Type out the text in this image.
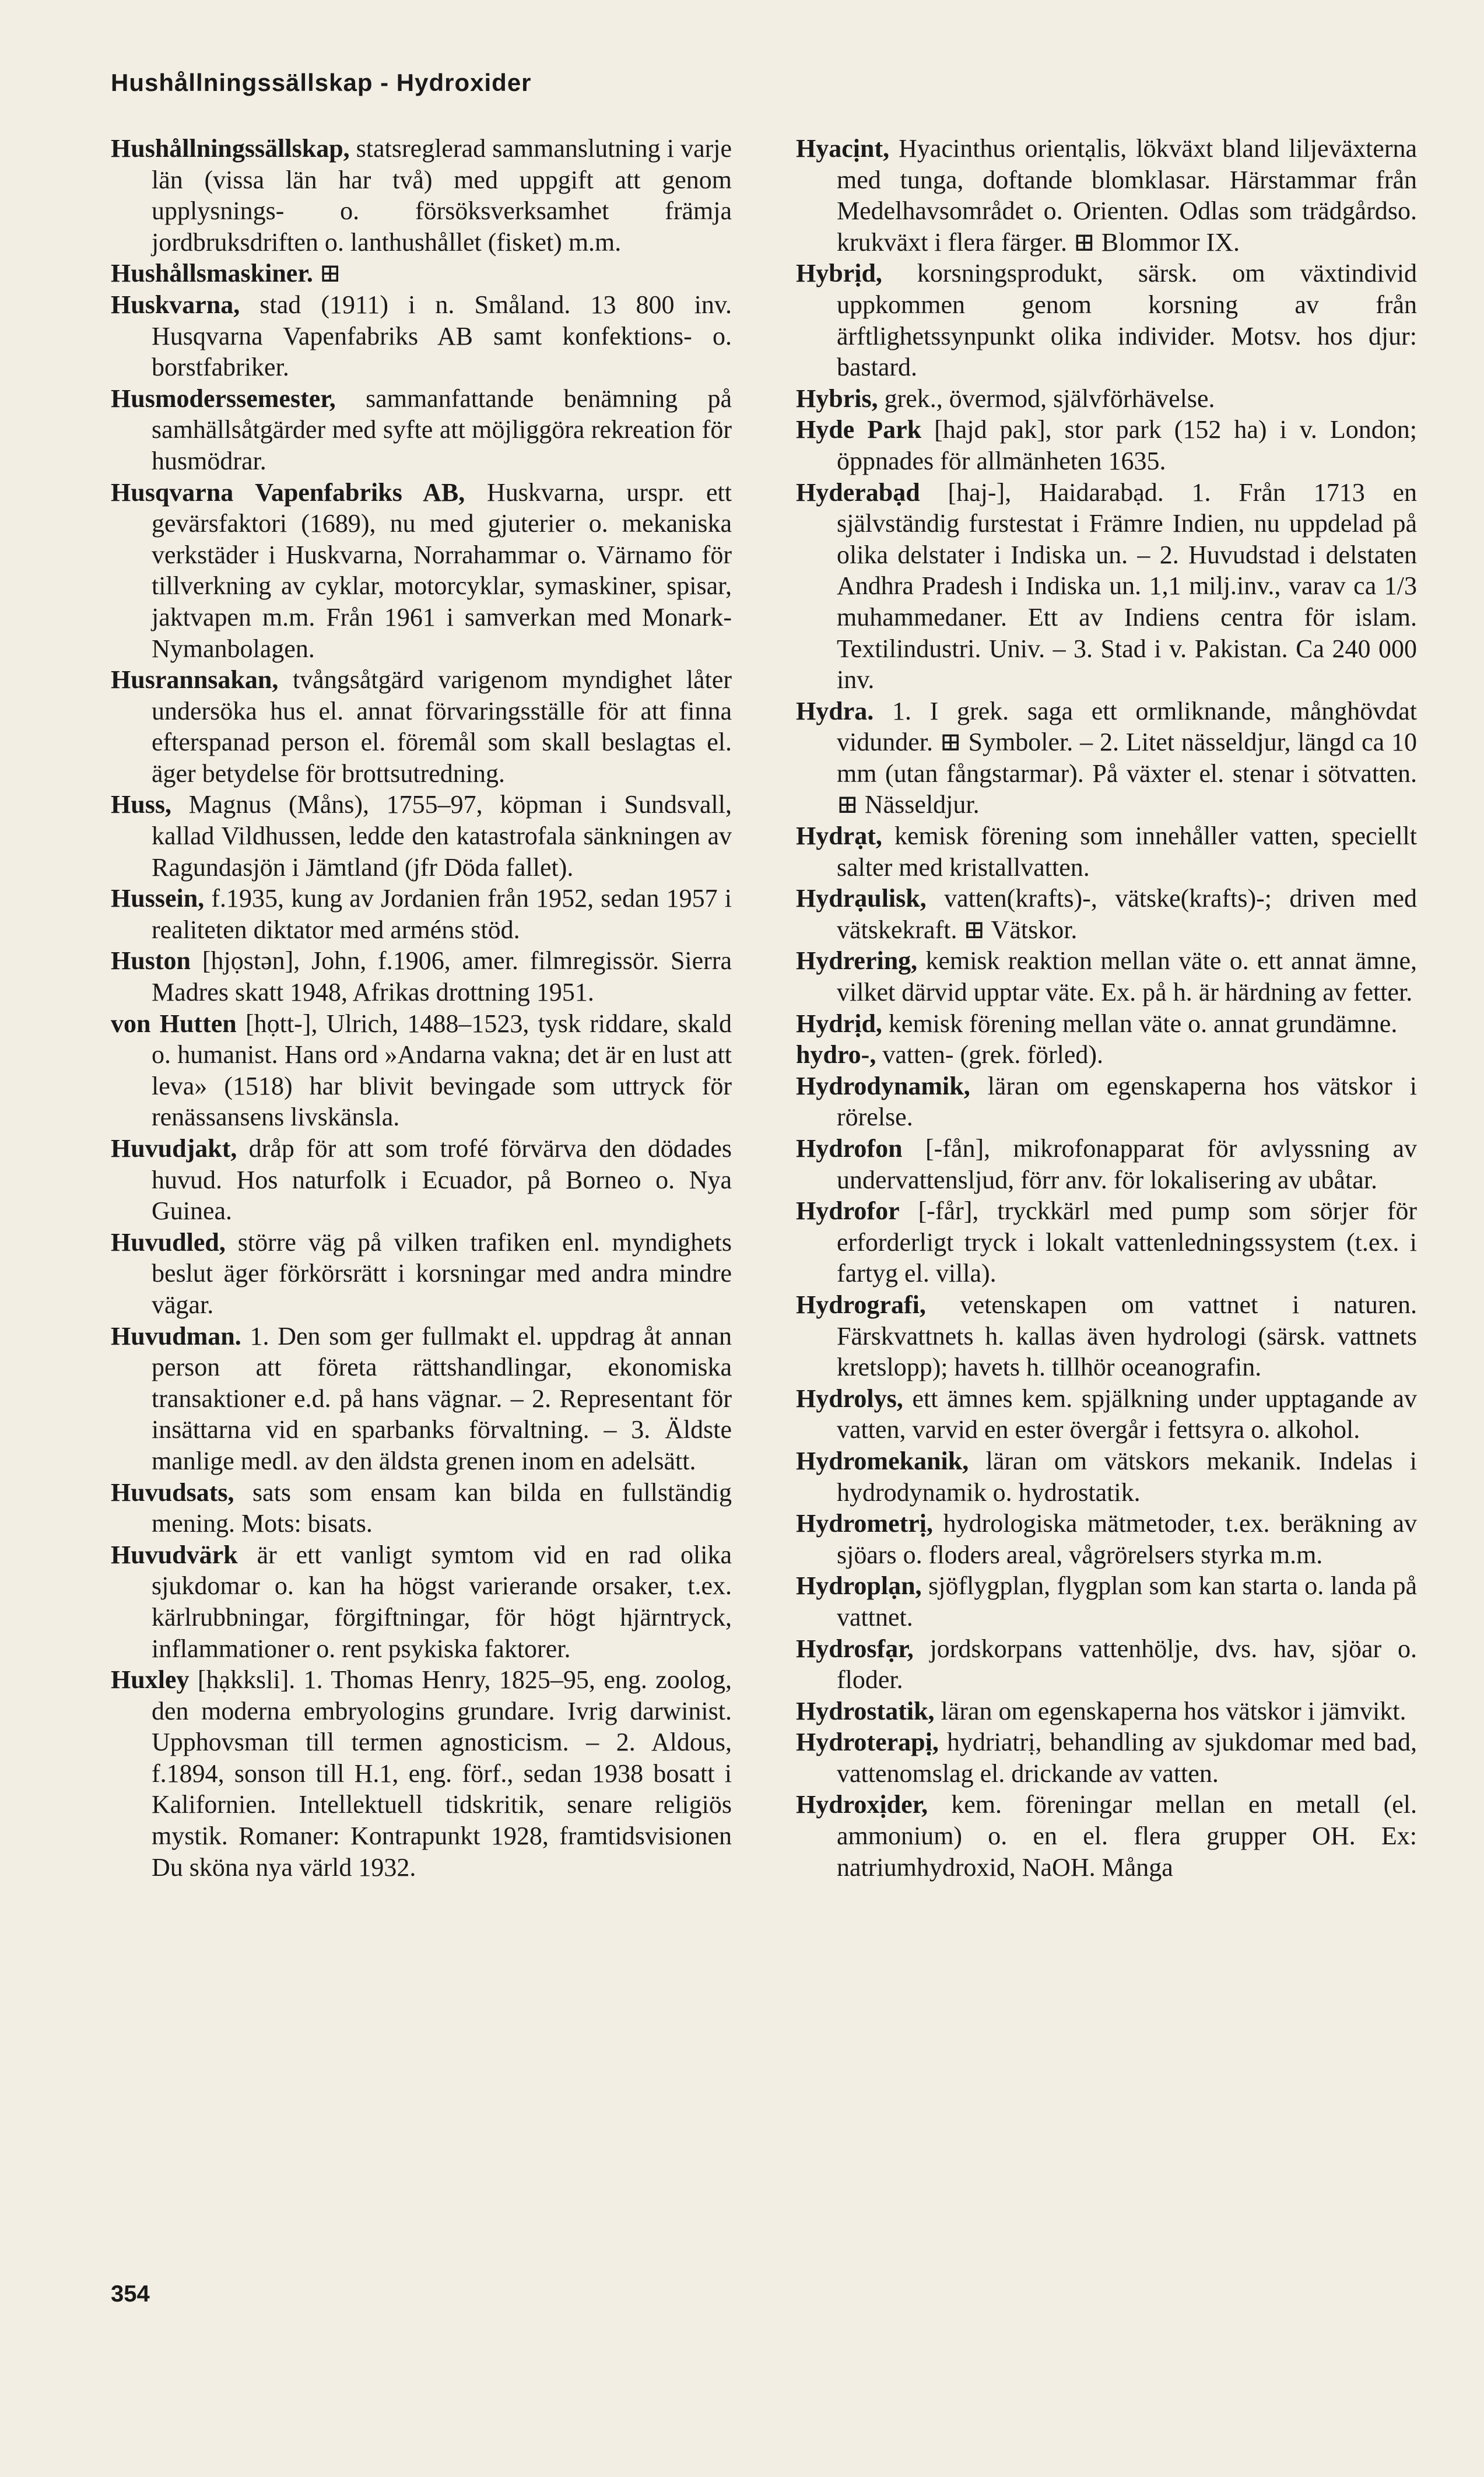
Hushållningssällskap - Hydroxider

Hushållningssällskap, statsreglerad sammanslutning i varje län (vissa län har två) med uppgift att genom upplysnings- o. försöksverksamhet främja jordbruksdriften o. lanthushållet (fisket) m.m.

Hushållsmaskiner. ⊞

Huskvarna, stad (1911) i n. Småland. 13 800 inv. Husqvarna Vapenfabriks AB samt konfektions- o. borstfabriker.

Husmoderssemester, sammanfattande benämning på samhällsåtgärder med syfte att möjliggöra rekreation för husmödrar.

Husqvarna Vapenfabriks AB, Huskvarna, urspr. ett gevärsfaktori (1689), nu med gjuterier o. mekaniska verkstäder i Huskvarna, Norrahammar o. Värnamo för tillverkning av cyklar, motorcyklar, symaskiner, spisar, jaktvapen m.m. Från 1961 i samverkan med Monark-Nymanbolagen.

Husrannsakan, tvångsåtgärd varigenom myndighet låter undersöka hus el. annat förvaringsställe för att finna efterspanad person el. föremål som skall beslagtas el. äger betydelse för brottsutredning.

Huss, Magnus (Måns), 1755–97, köpman i Sundsvall, kallad Vildhussen, ledde den katastrofala sänkningen av Ragundasjön i Jämtland (jfr Döda fallet).

Hussein, f.1935, kung av Jordanien från 1952, sedan 1957 i realiteten diktator med arméns stöd.

Huston [hjọstən], John, f.1906, amer. filmregissör. Sierra Madres skatt 1948, Afrikas drottning 1951.

von Hutten [họtt-], Ulrich, 1488–1523, tysk riddare, skald o. humanist. Hans ord »Andarna vakna; det är en lust att leva» (1518) har blivit bevingade som uttryck för renässansens livskänsla.

Huvudjakt, dråp för att som trofé förvärva den dödades huvud. Hos naturfolk i Ecuador, på Borneo o. Nya Guinea.

Huvudled, större väg på vilken trafiken enl. myndighets beslut äger förkörsrätt i korsningar med andra mindre vägar.

Huvudman. 1. Den som ger fullmakt el. uppdrag åt annan person att företa rättshandlingar, ekonomiska transaktioner e.d. på hans vägnar. – 2. Representant för insättarna vid en sparbanks förvaltning. – 3. Äldste manlige medl. av den äldsta grenen inom en adelsätt.

Huvudsats, sats som ensam kan bilda en fullständig mening. Mots: bisats.

Huvudvärk är ett vanligt symtom vid en rad olika sjukdomar o. kan ha högst varierande orsaker, t.ex. kärlrubbningar, förgiftningar, för högt hjärntryck, inflammationer o. rent psykiska faktorer.

Huxley [hạkksli]. 1. Thomas Henry, 1825–95, eng. zoolog, den moderna embryologins grundare. Ivrig darwinist. Upphovsman till termen agnosticism. – 2. Aldous, f.1894, sonson till H.1, eng. förf., sedan 1938 bosatt i Kalifornien. Intellektuell tidskritik, senare religiös mystik. Romaner: Kontrapunkt 1928, framtidsvisionen Du sköna nya värld 1932.

Hyacịnt, Hyacinthus orientạlis, lökväxt bland liljeväxterna med tunga, doftande blomklasar. Härstammar från Medelhavsområdet o. Orienten. Odlas som trädgårdso. krukväxt i flera färger. ⊞ Blommor IX.

Hybrịd, korsningsprodukt, särsk. om växtindivid uppkommen genom korsning av från ärftlighetssynpunkt olika individer. Motsv. hos djur: bastard.

Hybris, grek., övermod, självförhävelse.

Hyde Park [hajd pak], stor park (152 ha) i v. London; öppnades för allmänheten 1635.

Hyderabạd [haj-], Haidarabạd. 1. Från 1713 en självständig furstestat i Främre Indien, nu uppdelad på olika delstater i Indiska un. – 2. Huvudstad i delstaten Andhra Pradesh i Indiska un. 1,1 milj.inv., varav ca 1/3 muhammedaner. Ett av Indiens centra för islam. Textilindustri. Univ. – 3. Stad i v. Pakistan. Ca 240 000 inv.

Hydra. 1. I grek. saga ett ormliknande, månghövdat vidunder. ⊞ Symboler. – 2. Litet nässeldjur, längd ca 10 mm (utan fångstarmar). På växter el. stenar i sötvatten. ⊞ Nässeldjur.

Hydrạt, kemisk förening som innehåller vatten, speciellt salter med kristallvatten.

Hydrạulisk, vatten(krafts)-, vätske(krafts)-; driven med vätskekraft. ⊞ Vätskor.

Hydrering, kemisk reaktion mellan väte o. ett annat ämne, vilket därvid upptar väte. Ex. på h. är härdning av fetter.

Hydrịd, kemisk förening mellan väte o. annat grundämne.

hydro-, vatten- (grek. förled).

Hydrodynamik, läran om egenskaperna hos vätskor i rörelse.

Hydrofon [-fån], mikrofonapparat för avlyssning av undervattensljud, förr anv. för lokalisering av ubåtar.

Hydrofor [-får], tryckkärl med pump som sörjer för erforderligt tryck i lokalt vattenledningssystem (t.ex. i fartyg el. villa).

Hydrografi, vetenskapen om vattnet i naturen. Färskvattnets h. kallas även hydrologi (särsk. vattnets kretslopp); havets h. tillhör oceanografin.

Hydrolys, ett ämnes kem. spjälkning under upptagande av vatten, varvid en ester övergår i fettsyra o. alkohol.

Hydromekanik, läran om vätskors mekanik. Indelas i hydrodynamik o. hydrostatik.

Hydrometrị, hydrologiska mätmetoder, t.ex. beräkning av sjöars o. floders areal, vågrörelsers styrka m.m.

Hydroplạn, sjöflygplan, flygplan som kan starta o. landa på vattnet.

Hydrosfạr, jordskorpans vattenhölje, dvs. hav, sjöar o. floder.

Hydrostatik, läran om egenskaperna hos vätskor i jämvikt.

Hydroterapị, hydriatrị, behandling av sjukdomar med bad, vattenomslag el. drickande av vatten.

Hydroxịder, kem. föreningar mellan en metall (el. ammonium) o. en el. flera grupper OH. Ex: natriumhydroxid, NaOH. Många

354
